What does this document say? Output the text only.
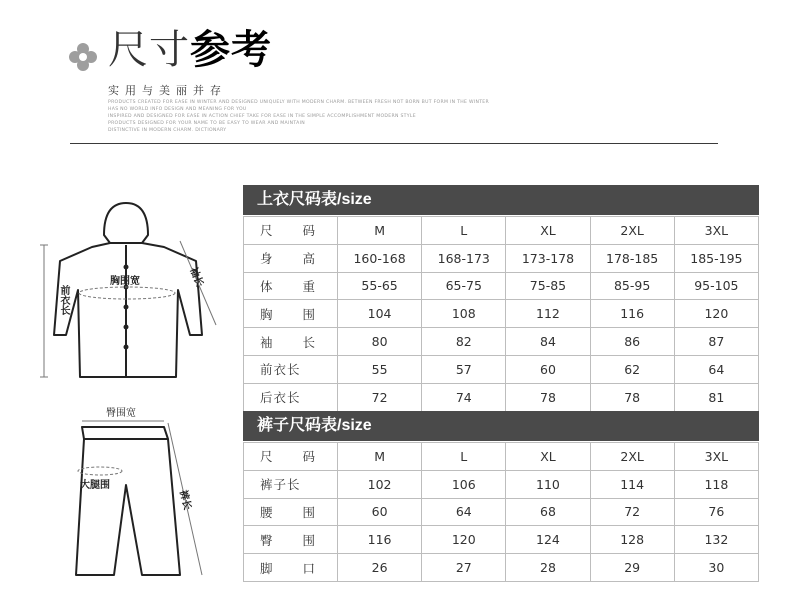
尺寸参考
实用与美丽并存
PRODUCTS CREATED FOR EASE IN WINTER AND DESIGNED UNIQUELY WITH MODERN CHARM. BETWEEN FRESH NOT BORN BUT FORM IN THE WINTER
HAS NO WORLD INFO DESIGN AND MEANING FOR YOU
INSPIRED AND DESIGNED FOR EASE IN ACTION CHIEF TAKE FOR EASE IN THE SIMPLE ACCOMPLISHMENT MODERN STYLE
PRODUCTS DESIGNED FOR YOUR NAME TO BE EASY TO WEAR AND MAINTAIN
DISTINCTIVE IN MODERN CHARM. DICTIONARY
胸围宽
前衣长
袖长
臀围宽
大腿围
裤长
上衣尺码表/size
尺 码	M	L	XL	2XL	3XL
身 高	160-168	168-173	173-178	178-185	185-195
体 重	55-65	65-75	75-85	85-95	95-105
胸 围	104	108	112	116	120
袖 长	80	82	84	86	87
前衣长	55	57	60	62	64
后衣长	72	74	78	78	81
裤子尺码表/size
尺 码	M	L	XL	2XL	3XL
裤子长	102	106	110	114	118
腰 围	60	64	68	72	76
臀 围	116	120	124	128	132
脚 口	26	27	28	29	30
